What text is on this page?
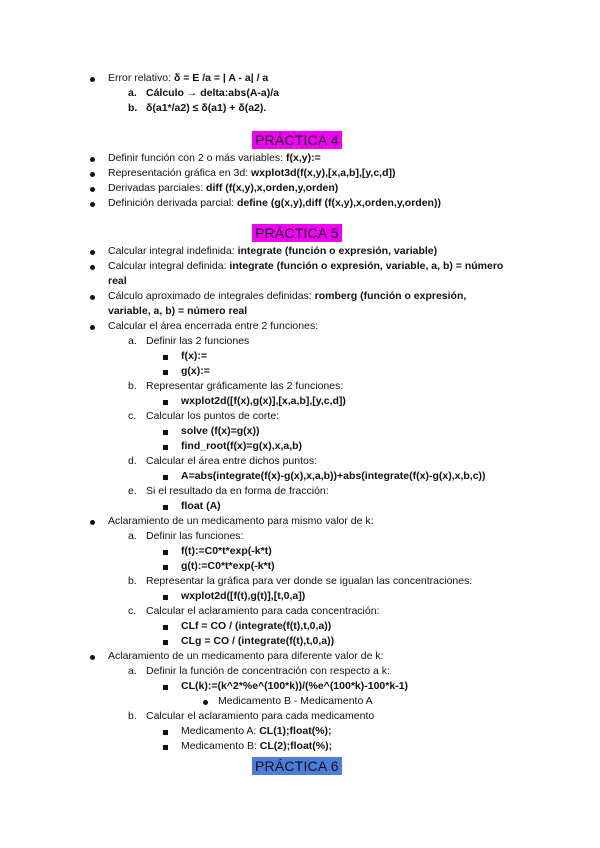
Error relativo: δ = E /a = | A - a| / a
a. Cálculo → delta:abs(A-a)/a
b. δ(a1*/a2) ≤ δ(a1) + δ(a2).
PRÁCTICA 4
Definir función con 2 o más variables: f(x,y):=
Representación gráfica en 3d: wxplot3d(f(x,y),[x,a,b],[y,c,d])
Derivadas parciales: diff (f(x,y),x,orden,y,orden)
Definición derivada parcial: define (g(x,y),diff (f(x,y),x,orden,y,orden))
PRÁCTICA 5
Calcular integral indefinida: integrate (función o expresión, variable)
Calcular integral definida: integrate (función o expresión, variable, a, b) = número
real
Cálculo aproximado de integrales definidas: romberg (función o expresión,
variable, a, b) = número real
Calcular el área encerrada entre 2 funciones:
a. Definir las 2 funciones
f(x):=
g(x):=
b. Representar gráficamente las 2 funciones:
wxplot2d([f(x),g(x)],[x,a,b],[y,c,d])
c. Calcular los puntos de corte:
solve (f(x)=g(x))
find_root(f(x)=g(x),x,a,b)
d. Calcular el área entre dichos puntos:
A=abs(integrate(f(x)-g(x),x,a,b))+abs(integrate(f(x)-g(x),x,b,c))
e. Si el resultado da en forma de fracción:
float (A)
Aclaramiento de un medicamento para mismo valor de k:
a. Definir las funciones:
f(t):=C0*t*exp(-k*t)
g(t):=C0*t*exp(-k*t)
b. Representar la gráfica para ver donde se igualan las concentraciones:
wxplot2d([f(t),g(t)],[t,0,a])
c. Calcular el aclaramiento para cada concentración:
CLf = CO / (integrate(f(t),t,0,a))
CLg = CO / (integrate(f(t),t,0,a))
Aclaramiento de un medicamento para diferente valor de k:
a. Definir la función de concentración con respecto a k:
CL(k):=(k^2*%e^(100*k))/(%e^(100*k)-100*k-1)
Medicamento B - Medicamento A
b. Calcular el aclaramiento para cada medicamento
Medicamento A: CL(1);float(%);
Medicamento B: CL(2);float(%);
PRÁCTICA 6
